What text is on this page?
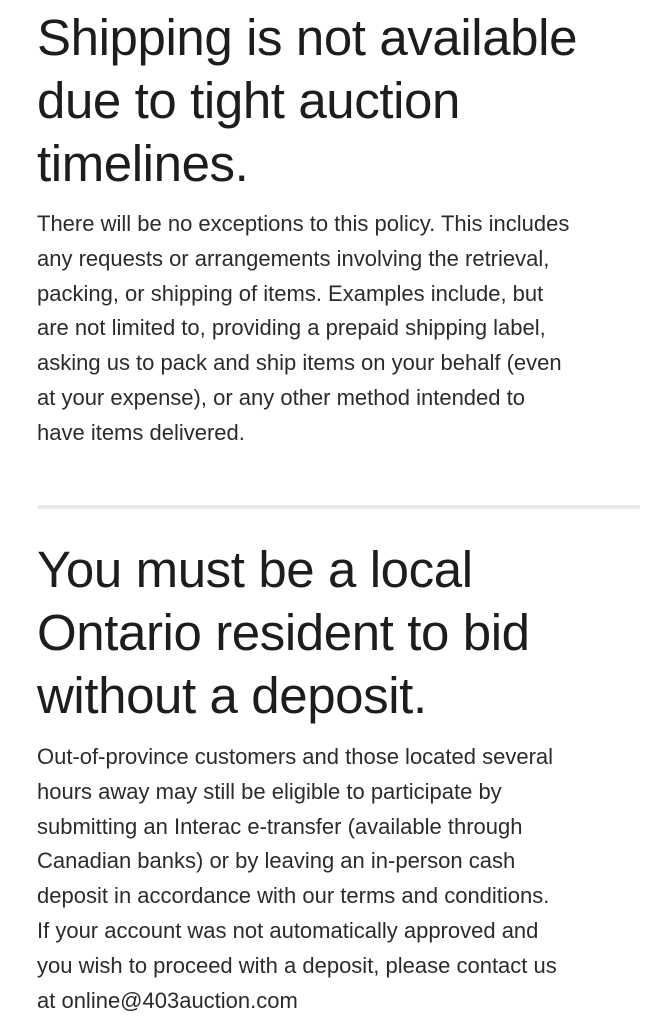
Shipping is not available
due to tight auction
timelines.

There will be no exceptions to this policy. This includes
any requests or arrangements involving the retrieval,
packing, or shipping of items. Examples include, but
are not limited to, providing a prepaid shipping label,
asking us to pack and ship items on your behalf (even
at your expense), or any other method intended to
have items delivered.

You must be a local
Ontario resident to bid
without a deposit.

Out-of-province customers and those located several
hours away may still be eligible to participate by
submitting an Interac e-transfer (available through
Canadian banks) or by leaving an in-person cash
deposit in accordance with our terms and conditions.
If your account was not automatically approved and
you wish to proceed with a deposit, please contact us
at online@403auction.com
